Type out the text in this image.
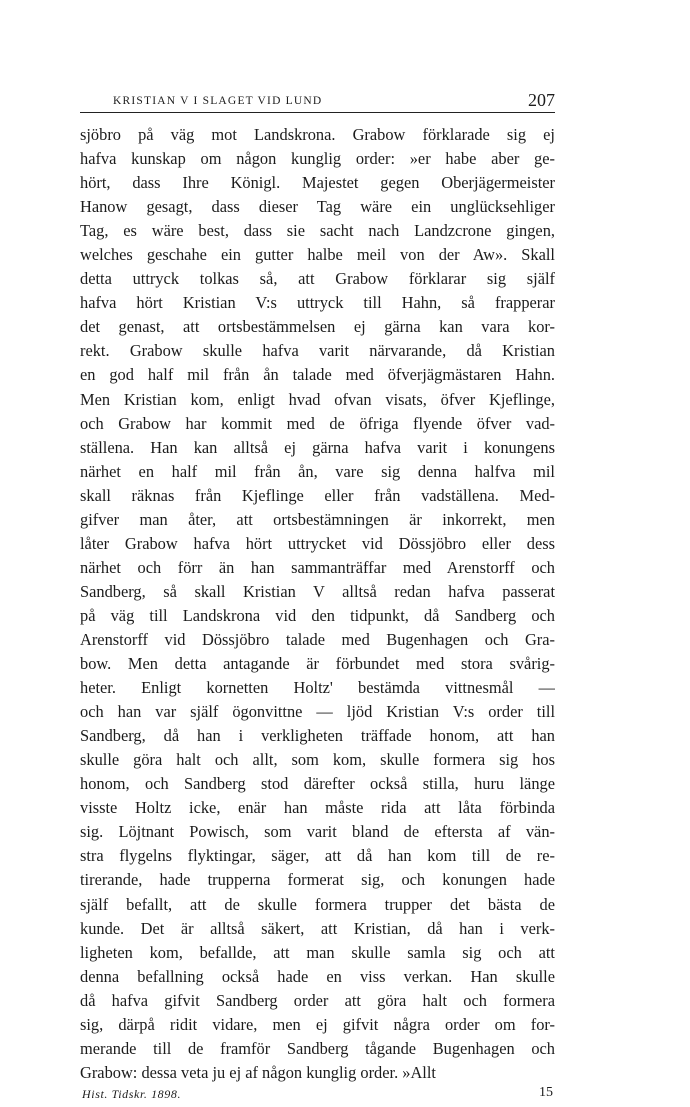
KRISTIAN V I SLAGET VID LUND	207
sjöbro på väg mot Landskrona. Grabow förklarade sig ej
hafva kunskap om någon kunglig order: »er habe aber ge-
hört, dass Ihre Königl. Majestet gegen Oberjägermeister
Hanow gesagt, dass dieser Tag wäre ein unglücksehliger
Tag, es wäre best, dass sie sacht nach Landzcrone gingen,
welches geschahe ein gutter halbe meil von der Aw». Skall
detta uttryck tolkas så, att Grabow förklarar sig själf
hafva hört Kristian V:s uttryck till Hahn, så frapperar
det genast, att ortsbestämmelsen ej gärna kan vara kor-
rekt. Grabow skulle hafva varit närvarande, då Kristian
en god half mil från ån talade med öfverjägmästaren Hahn.
Men Kristian kom, enligt hvad ofvan visats, öfver Kjeflinge,
och Grabow har kommit med de öfriga flyende öfver vad-
ställena. Han kan alltså ej gärna hafva varit i konungens
närhet en half mil från ån, vare sig denna halfva mil
skall räknas från Kjeflinge eller från vadställena. Med-
gifver man åter, att ortsbestämningen är inkorrekt, men
låter Grabow hafva hört uttrycket vid Dössjöbro eller dess
närhet och förr än han sammanträffar med Arenstorff och
Sandberg, så skall Kristian V alltså redan hafva passerat
på väg till Landskrona vid den tidpunkt, då Sandberg och
Arenstorff vid Dössjöbro talade med Bugenhagen och Gra-
bow. Men detta antagande är förbundet med stora svårig-
heter. Enligt kornetten Holtz' bestämda vittnesmål —
och han var själf ögonvittne — ljöd Kristian V:s order till
Sandberg, då han i verkligheten träffade honom, att han
skulle göra halt och allt, som kom, skulle formera sig hos
honom, och Sandberg stod därefter också stilla, huru länge
visste Holtz icke, enär han måste rida att låta förbinda
sig. Löjtnant Powisch, som varit bland de eftersta af vän-
stra flygelns flyktingar, säger, att då han kom till de re-
tirerande, hade trupperna formerat sig, och konungen hade
själf befallt, att de skulle formera trupper det bästa de
kunde. Det är alltså säkert, att Kristian, då han i verk-
ligheten kom, befallde, att man skulle samla sig och att
denna befallning också hade en viss verkan. Han skulle
då hafva gifvit Sandberg order att göra halt och formera
sig, därpå ridit vidare, men ej gifvit några order om for-
merande till de framför Sandberg tågande Bugenhagen och
Grabow: dessa veta ju ej af någon kunglig order. »Allt
Hist. Tidskr. 1898.	15
